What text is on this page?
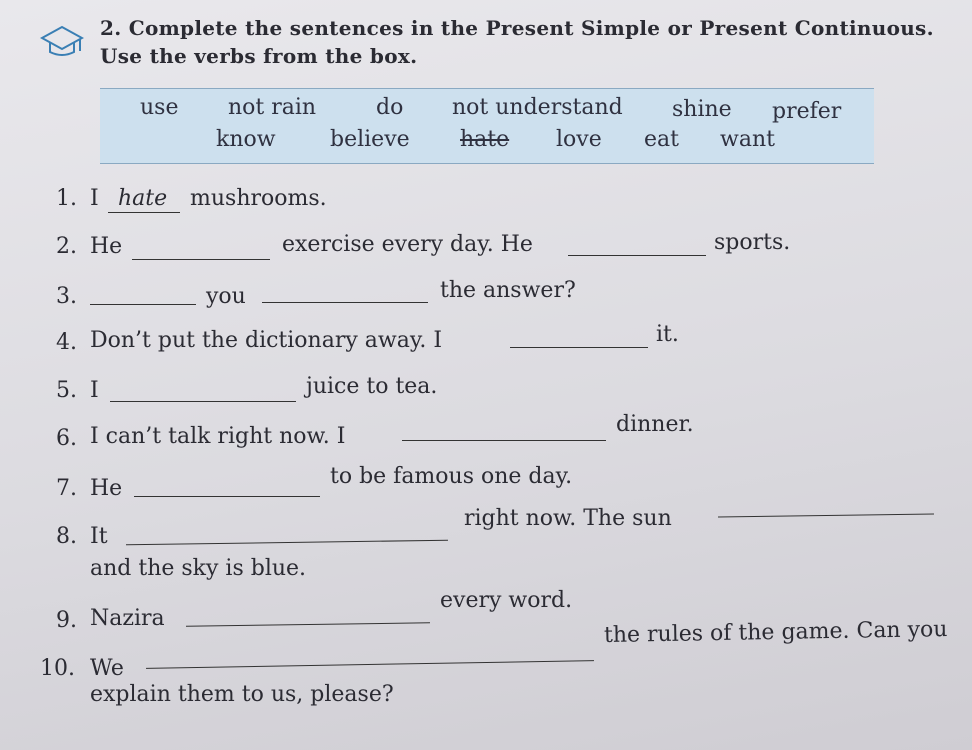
2. Complete the sentences in the Present Simple or Present Continuous.
Use the verbs from the box.
use not rain	do not understand shine prefer
know believe hate love eat want
1. I hate mushrooms.
2. He	exercise every day. He	sports.
3.	you	the answer?
4. Don’t put the dictionary away. I	it.
5. I	juice to tea.
6. I can’t talk right now. I	dinner.
7. He	to be famous one day.
8. It
right now. The sun
and the sky is blue.
9. Nazira
every word.
10. We
the rules of the game. Can you
explain them to us, please?
